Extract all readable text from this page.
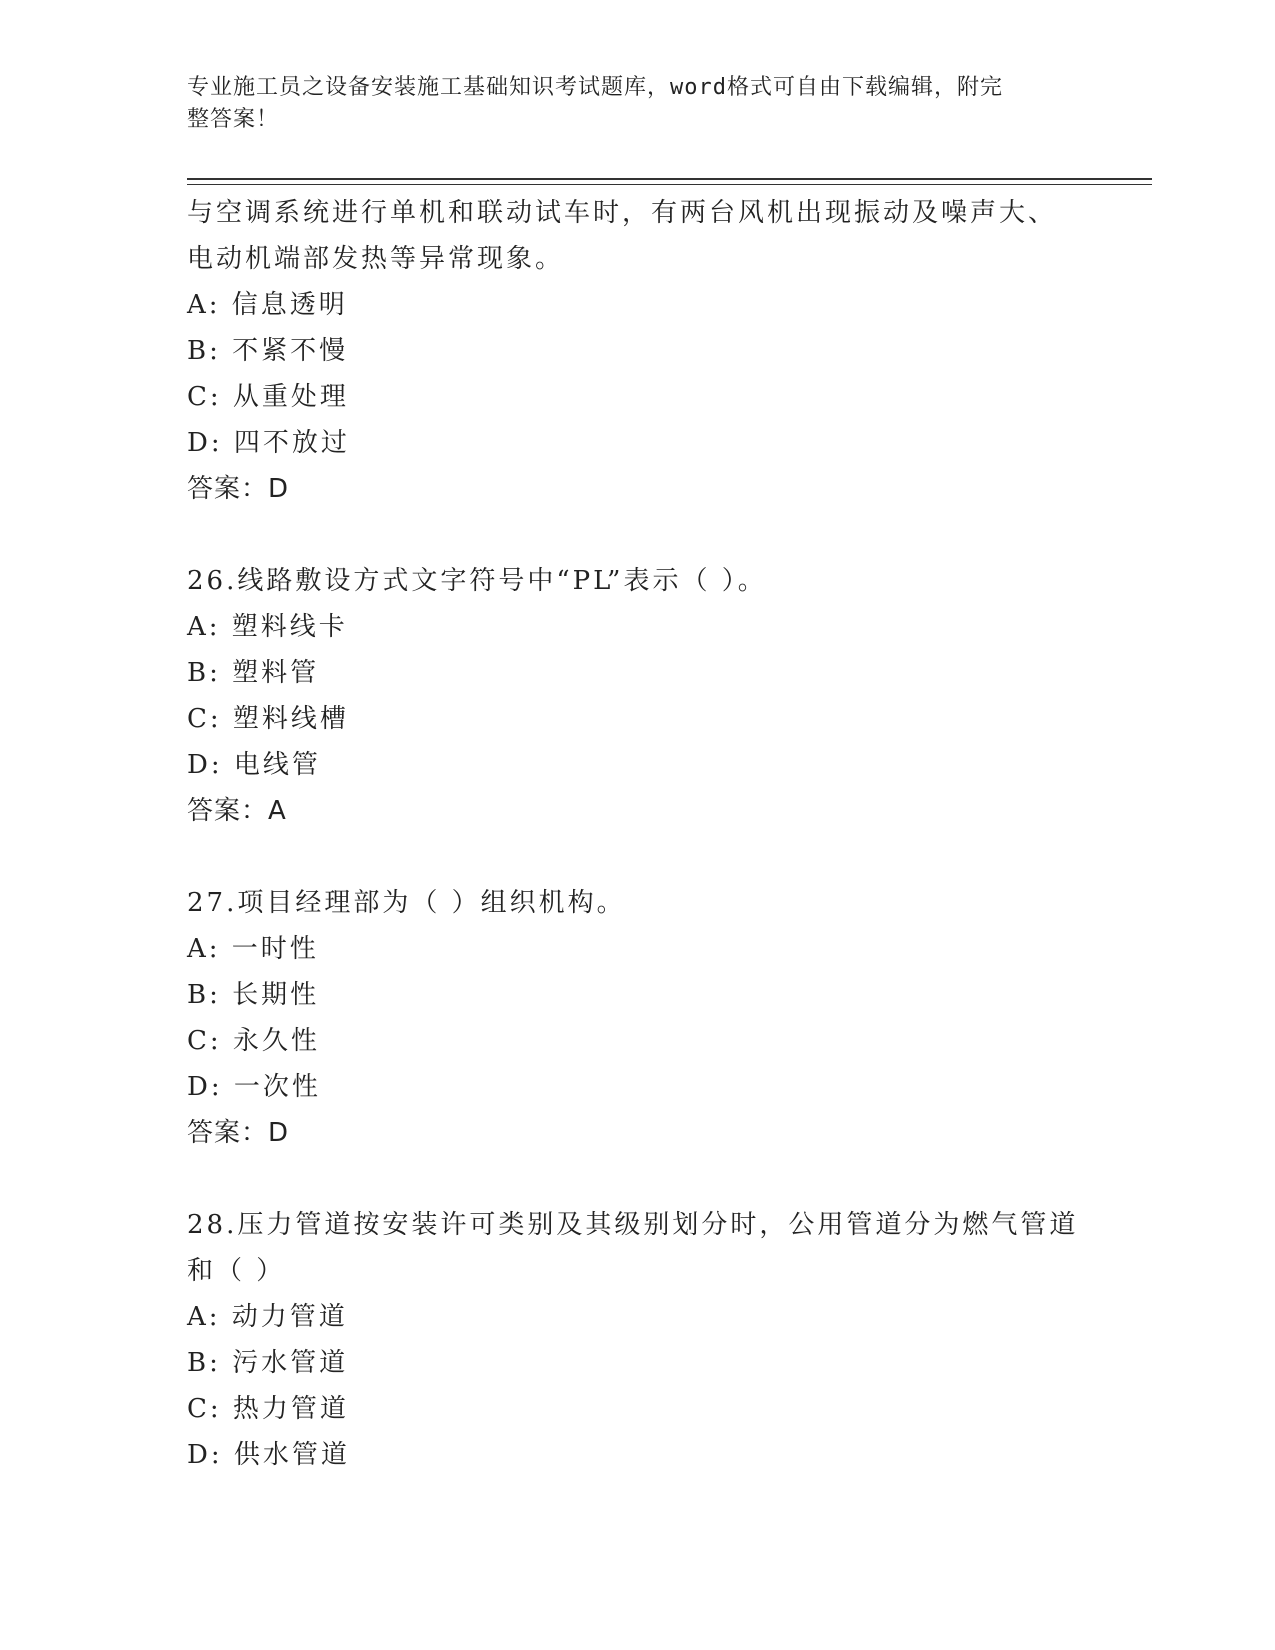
专业施工员之设备安装施工基础知识考试题库，word格式可自由下载编辑，附完
整答案！
与空调系统进行单机和联动试车时，有两台风机出现振动及噪声大、
电动机端部发热等异常现象。
A: 信息透明
B: 不紧不慢
C: 从重处理
D: 四不放过
答案：D
26.线路敷设方式文字符号中“PL”表示（ ）。
A: 塑料线卡
B: 塑料管
C: 塑料线槽
D: 电线管
答案：A
27.项目经理部为（ ）组织机构。
A: 一时性
B: 长期性
C: 永久性
D: 一次性
答案：D
28.压力管道按安装许可类别及其级别划分时，公用管道分为燃气管道
和（ ）
A: 动力管道
B: 污水管道
C: 热力管道
D: 供水管道
